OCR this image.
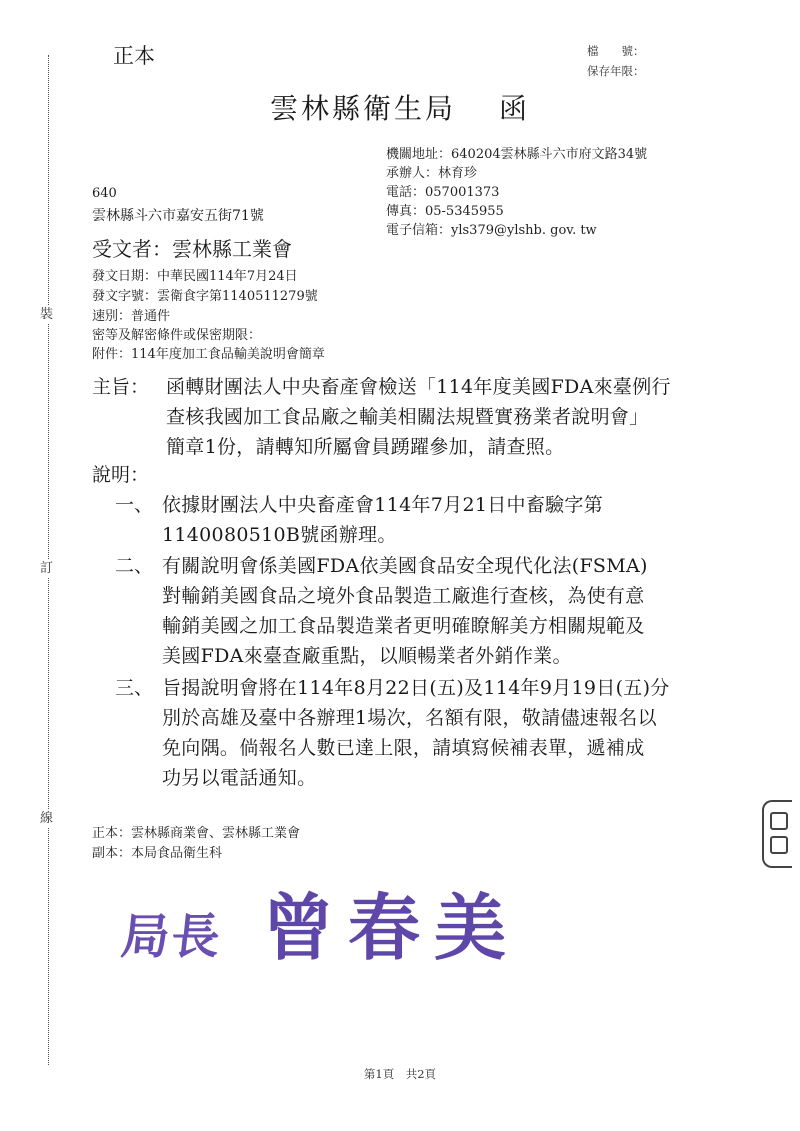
裝
訂
線
正本	檔　　號：
保存年限：
雲林縣衛生局　 函
機關地址：640204雲林縣斗六市府文路34號
承辦人：林育珍
電話：057001373
傳真：05-5345955
電子信箱：yls379@ylshb. gov. tw
640
雲林縣斗六市嘉安五街71號
受文者：雲林縣工業會
發文日期：中華民國114年7月24日
發文字號：雲衛食字第1140511279號
速別：普通件
密等及解密條件或保密期限：
附件：114年度加工食品輸美說明會簡章
主旨： 函轉財團法人中央畜產會檢送「114年度美國FDA來臺例行
查核我國加工食品廠之輸美相關法規暨實務業者說明會」
簡章1份，請轉知所屬會員踴躍參加，請查照。
說明：
一、 依據財團法人中央畜產會114年7月21日中畜驗字第
1140080510B號函辦理。
二、 有關說明會係美國FDA依美國食品安全現代化法(FSMA)
對輸銷美國食品之境外食品製造工廠進行查核，為使有意
輸銷美國之加工食品製造業者更明確瞭解美方相關規範及
美國FDA來臺查廠重點，以順暢業者外銷作業。
三、 旨揭說明會將在114年8月22日(五)及114年9月19日(五)分
別於高雄及臺中各辦理1場次，名額有限，敬請儘速報名以
免向隅。倘報名人數已達上限，請填寫候補表單，遞補成
功另以電話通知。
正本：雲林縣商業會、雲林縣工業會
副本：本局食品衛生科
局長 曾春美
第1頁　共2頁
